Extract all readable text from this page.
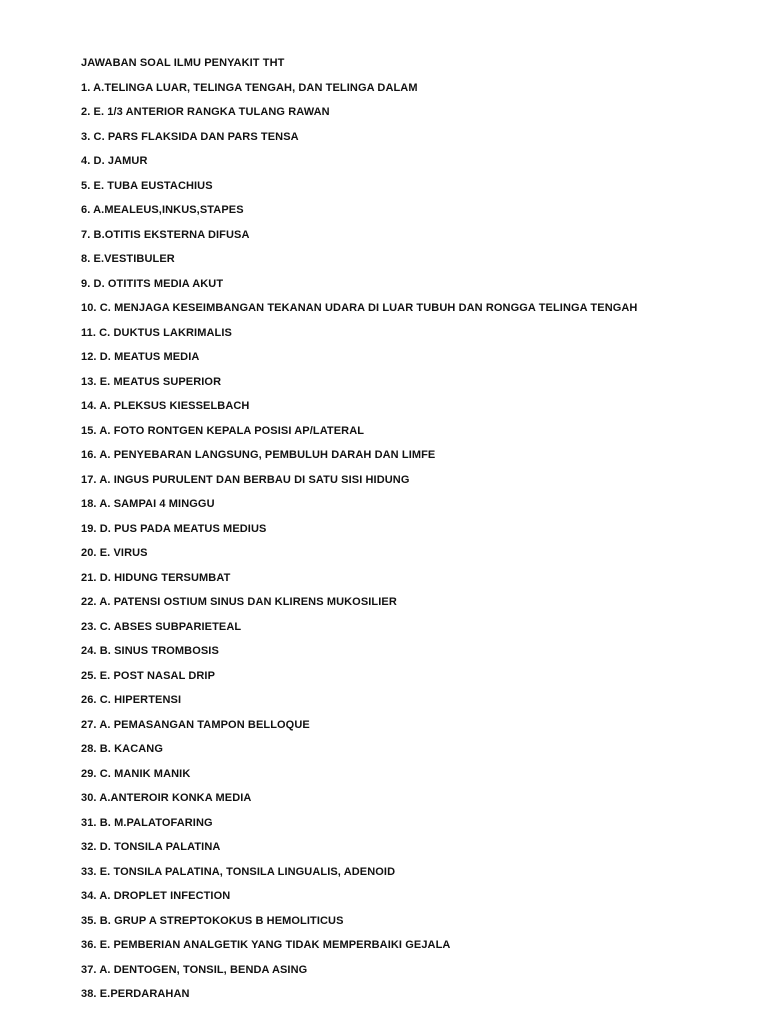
JAWABAN SOAL ILMU PENYAKIT THT

1. A.TELINGA LUAR, TELINGA TENGAH, DAN TELINGA DALAM
2. E. 1/3 ANTERIOR RANGKA TULANG RAWAN
3. C. PARS FLAKSIDA DAN PARS TENSA
4. D. JAMUR
5. E. TUBA EUSTACHIUS
6. A.MEALEUS,INKUS,STAPES
7. B.OTITIS EKSTERNA DIFUSA
8. E.VESTIBULER
9. D. OTITITS MEDIA AKUT
10. C. MENJAGA KESEIMBANGAN TEKANAN UDARA DI LUAR TUBUH DAN RONGGA TELINGA TENGAH
11. C. DUKTUS LAKRIMALIS
12. D. MEATUS MEDIA
13. E. MEATUS SUPERIOR
14. A. PLEKSUS KIESSELBACH
15. A. FOTO RONTGEN KEPALA POSISI AP/LATERAL
16. A. PENYEBARAN LANGSUNG, PEMBULUH DARAH DAN LIMFE
17. A. INGUS PURULENT DAN BERBAU DI SATU SISI HIDUNG
18. A. SAMPAI 4 MINGGU
19. D. PUS PADA MEATUS MEDIUS
20. E. VIRUS
21. D. HIDUNG TERSUMBAT
22. A. PATENSI OSTIUM SINUS DAN KLIRENS MUKOSILIER
23. C. ABSES SUBPARIETEAL
24. B. SINUS TROMBOSIS
25. E. POST NASAL DRIP
26. C. HIPERTENSI
27. A. PEMASANGAN TAMPON BELLOQUE
28. B. KACANG
29. C. MANIK MANIK
30. A.ANTEROIR KONKA MEDIA
31. B. M.PALATOFARING
32. D. TONSILA PALATINA
33. E. TONSILA PALATINA, TONSILA LINGUALIS, ADENOID
34. A. DROPLET INFECTION
35. B. GRUP A STREPTOKOKUS B HEMOLITICUS
36. E. PEMBERIAN ANALGETIK YANG TIDAK MEMPERBAIKI GEJALA
37. A. DENTOGEN, TONSIL, BENDA ASING
38. E.PERDARAHAN
